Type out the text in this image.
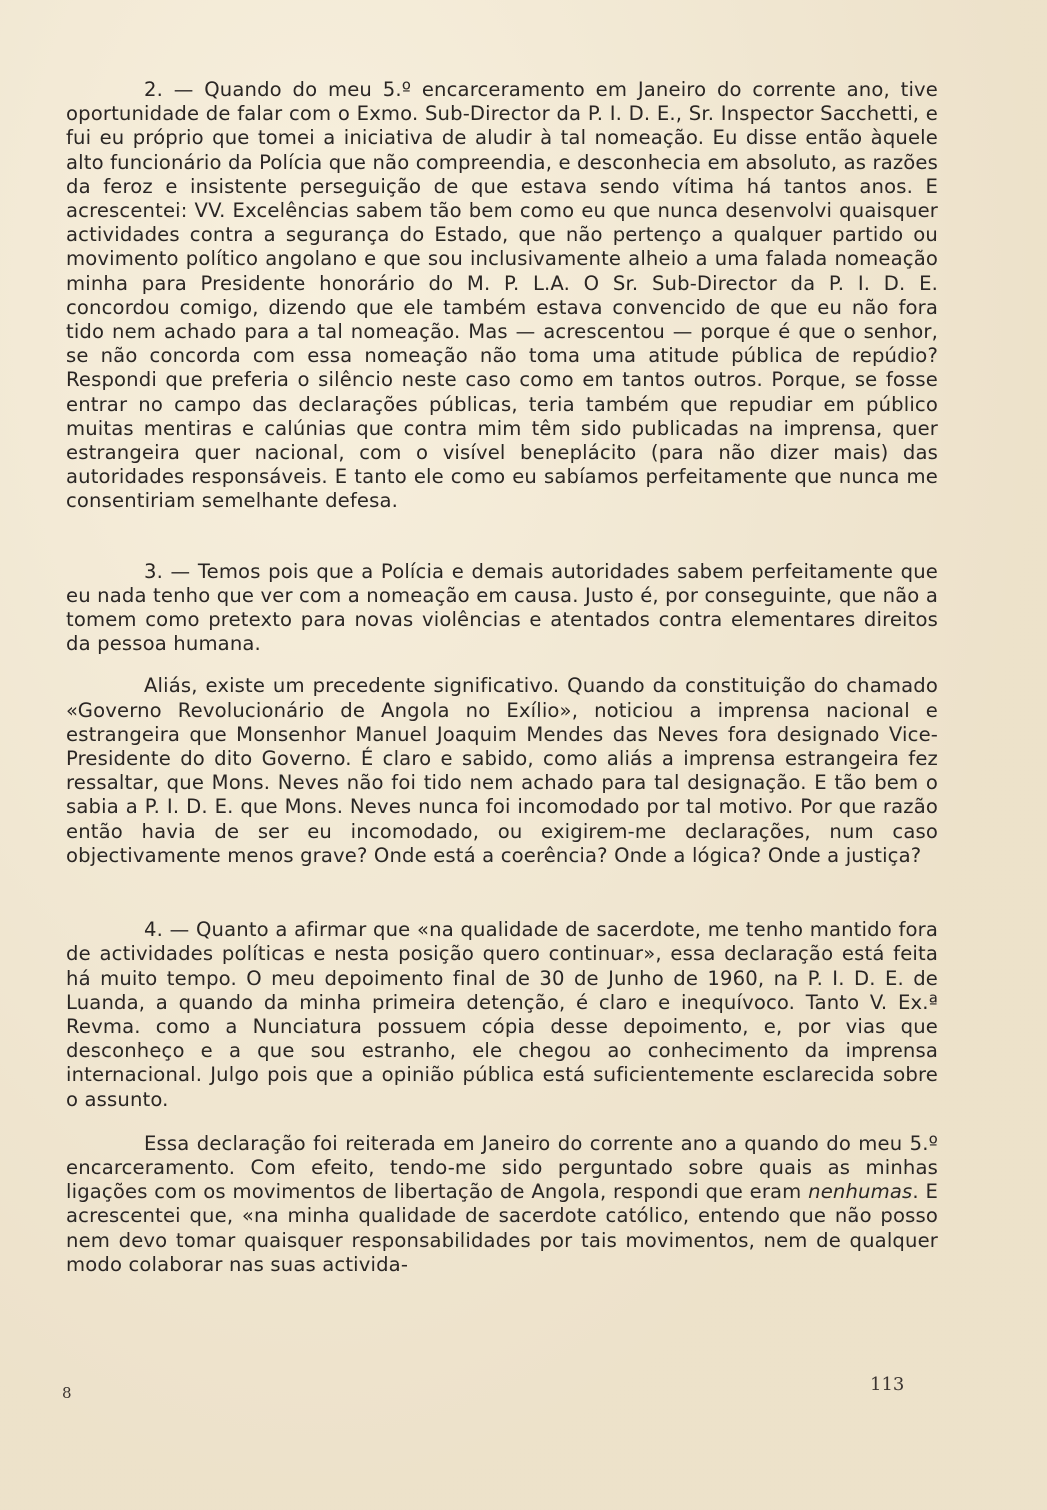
2. — Quando do meu 5.º encarceramento em Janeiro do corrente ano, tive oportunidade de falar com o Exmo. Sub-Director da P. I. D. E., Sr. Inspector Sacchetti, e fui eu próprio que tomei a iniciativa de aludir à tal nomeação. Eu disse então àquele alto funcionário da Polícia que não compreendia, e desconhecia em absoluto, as razões da feroz e insistente perseguição de que estava sendo vítima há tantos anos. E acrescentei: VV. Excelências sabem tão bem como eu que nunca desenvolvi quaisquer actividades contra a segurança do Estado, que não pertenço a qualquer partido ou movimento político angolano e que sou inclusivamente alheio a uma falada nomeação minha para Presidente honorário do M. P. L.A. O Sr. Sub-Director da P. I. D. E. concordou comigo, dizendo que ele também estava convencido de que eu não fora tido nem achado para a tal nomeação. Mas — acrescentou — porque é que o senhor, se não concorda com essa nomeação não toma uma atitude pública de repúdio? Respondi que preferia o silêncio neste caso como em tantos outros. Porque, se fosse entrar no campo das declarações públicas, teria também que repudiar em público muitas mentiras e calúnias que contra mim têm sido publicadas na imprensa, quer estrangeira quer nacional, com o visível beneplácito (para não dizer mais) das autoridades responsáveis. E tanto ele como eu sabíamos perfeitamente que nunca me consentiriam semelhante defesa.

3. — Temos pois que a Polícia e demais autoridades sabem perfeitamente que eu nada tenho que ver com a nomeação em causa. Justo é, por conseguinte, que não a tomem como pretexto para novas violências e atentados contra elementares direitos da pessoa humana.

Aliás, existe um precedente significativo. Quando da constituição do chamado «Governo Revolucionário de Angola no Exílio», noticiou a imprensa nacional e estrangeira que Monsenhor Manuel Joaquim Mendes das Neves fora designado Vice-Presidente do dito Governo. É claro e sabido, como aliás a imprensa estrangeira fez ressaltar, que Mons. Neves não foi tido nem achado para tal designação. E tão bem o sabia a P. I. D. E. que Mons. Neves nunca foi incomodado por tal motivo. Por que razão então havia de ser eu incomodado, ou exigirem-me declarações, num caso objectivamente menos grave? Onde está a coerência? Onde a lógica? Onde a justiça?

4. — Quanto a afirmar que «na qualidade de sacerdote, me tenho mantido fora de actividades políticas e nesta posição quero continuar», essa declaração está feita há muito tempo. O meu depoimento final de 30 de Junho de 1960, na P. I. D. E. de Luanda, a quando da minha primeira detenção, é claro e inequívoco. Tanto V. Ex.ª Revma. como a Nunciatura possuem cópia desse depoimento, e, por vias que desconheço e a que sou estranho, ele chegou ao conhecimento da imprensa internacional. Julgo pois que a opinião pública está suficientemente esclarecida sobre o assunto.

Essa declaração foi reiterada em Janeiro do corrente ano a quando do meu 5.º encarceramento. Com efeito, tendo-me sido perguntado sobre quais as minhas ligações com os movimentos de libertação de Angola, respondi que eram nenhumas. E acrescentei que, «na minha qualidade de sacerdote católico, entendo que não posso nem devo tomar quaisquer responsabilidades por tais movimentos, nem de qualquer modo colaborar nas suas activida-

8	113
